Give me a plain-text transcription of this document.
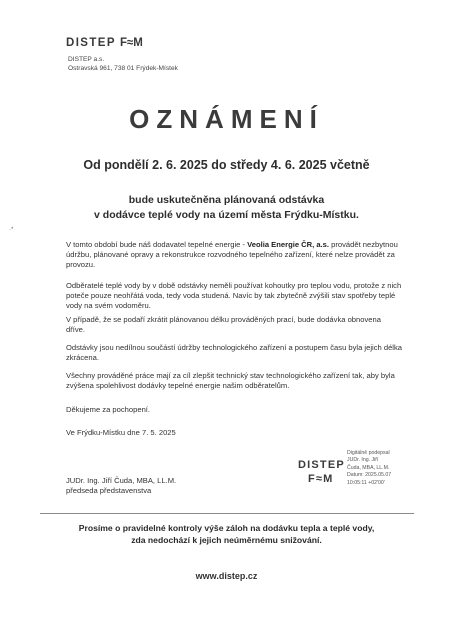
DISTEP F≈M
DISTEP a.s.
Ostravská 961, 738 01 Frýdek-Místek
OZNÁMENÍ
Od pondělí 2. 6. 2025 do středy 4. 6. 2025 včetně
bude uskutečněna plánovaná odstávka
v dodávce teplé vody na území města Frýdku-Místku.
·*
V tomto období bude náš dodavatel tepelné energie - Veolia Energie ČR, a.s. provádět nezbytnou údržbu, plánované opravy a rekonstrukce rozvodného tepelného zařízení, které nelze provádět za provozu.
Odběratelé teplé vody by v době odstávky neměli používat kohoutky pro teplou vodu, protože z nich poteče pouze neohřátá voda, tedy voda studená. Navíc by tak zbytečně zvýšili stav spotřeby teplé vody na svém vodoměru.
V případě, že se podaří zkrátit plánovanou délku prováděných prací, bude dodávka obnovena dříve.
Odstávky jsou nedílnou součástí údržby technologického zařízení a postupem času byla jejich délka zkrácena.
Všechny prováděné práce mají za cíl zlepšit technický stav technologického zařízení tak, aby byla zvýšena spolehlivost dodávky tepelné energie našim odběratelům.
Děkujeme za pochopení.
Ve Frýdku-Místku dne 7. 5. 2025
DISTEP
F≈M
Digitálně podepsal
JUDr. Ing. Jiří
Čuda, MBA, LL.M.
Datum: 2025.05.07
10:05:11 +02'00'
JUDr. Ing. Jiří Čuda, MBA, LL.M.
předseda představenstva
Prosíme o pravidelné kontroly výše záloh na dodávku tepla a teplé vody,
zda nedochází k jejich neúměrnému snižování.
www.distep.cz
